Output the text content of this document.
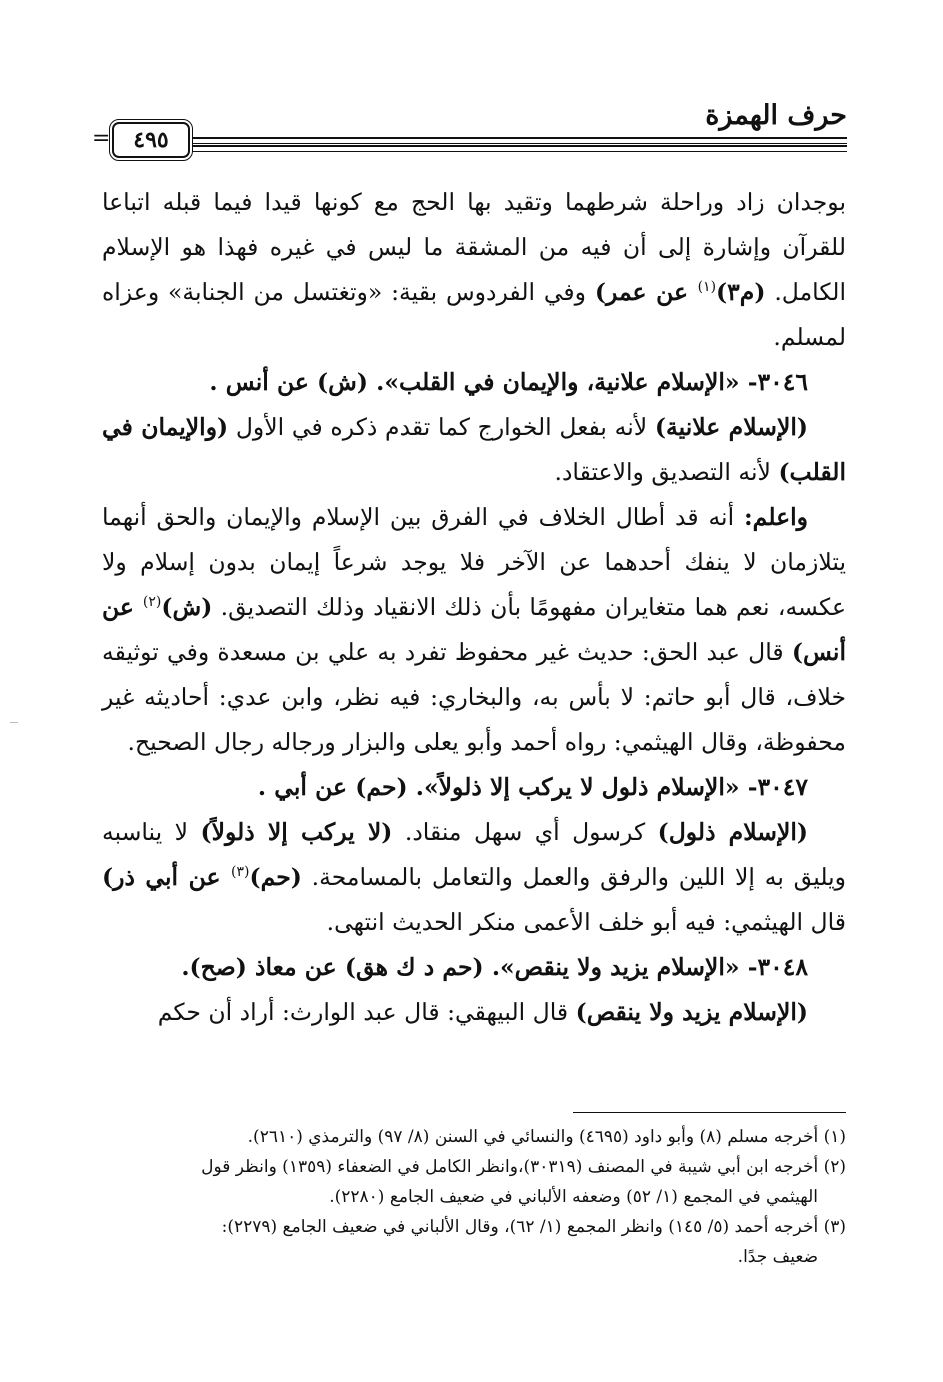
حرف الهمزة
٤٩٥
=

بوجدان زاد وراحلة شرطهما وتقيد بها الحج مع كونها قيدا فيما قبله اتباعا للقرآن وإشارة إلى أن فيه من المشقة ما ليس في غيره فهذا هو الإسلام الكامل. (م٣)$^{(١)}$ عن عمر) وفي الفردوس بقية: «وتغتسل من الجنابة» وعزاه لمسلم.

٣٠٤٦- «الإسلام علانية، والإيمان في القلب». (ش) عن أنس .

(الإسلام علانية) لأنه بفعل الخوارج كما تقدم ذكره في الأول (والإيمان في القلب) لأنه التصديق والاعتقاد.

واعلم: أنه قد أطال الخلاف في الفرق بين الإسلام والإيمان والحق أنهما يتلازمان لا ينفك أحدهما عن الآخر فلا يوجد شرعاً إيمان بدون إسلام ولا عكسه، نعم هما متغايران مفهومًا بأن ذلك الانقياد وذلك التصديق. (ش)$^{(٢)}$ عن أنس) قال عبد الحق: حديث غير محفوظ تفرد به علي بن مسعدة وفي توثيقه خلاف، قال أبو حاتم: لا بأس به، والبخاري: فيه نظر، وابن عدي: أحاديثه غير محفوظة، وقال الهيثمي: رواه أحمد وأبو يعلى والبزار ورجاله رجال الصحيح.

٣٠٤٧- «الإسلام ذلول لا يركب إلا ذلولاً». (حم) عن أبي .

(الإسلام ذلول) كرسول أي سهل منقاد. (لا يركب إلا ذلولاً) لا يناسبه ويليق به إلا اللين والرفق والعمل والتعامل بالمسامحة. (حم)$^{(٣)}$ عن أبي ذر) قال الهيثمي: فيه أبو خلف الأعمى منكر الحديث انتهى.

٣٠٤٨- «الإسلام يزيد ولا ينقص». (حم د ك هق) عن معاذ (صح).

(الإسلام يزيد ولا ينقص) قال البيهقي: قال عبد الوارث: أراد أن حكم

(١) أخرجه مسلم (٨) وأبو داود (٤٦٩٥) والنسائي في السنن (٨/ ٩٧) والترمذي (٢٦١٠).

(٢) أخرجه ابن أبي شيبة في المصنف (٣٠٣١٩)،وانظر الكامل في الضعفاء (١٣٥٩) وانظر قول

الهيثمي في المجمع (١/ ٥٢) وضعفه الألباني في ضعيف الجامع (٢٢٨٠).

(٣) أخرجه أحمد (٥/ ١٤٥) وانظر المجمع (١/ ٦٢)، وقال الألباني في ضعيف الجامع (٢٢٧٩):

ضعيف جدًا.
